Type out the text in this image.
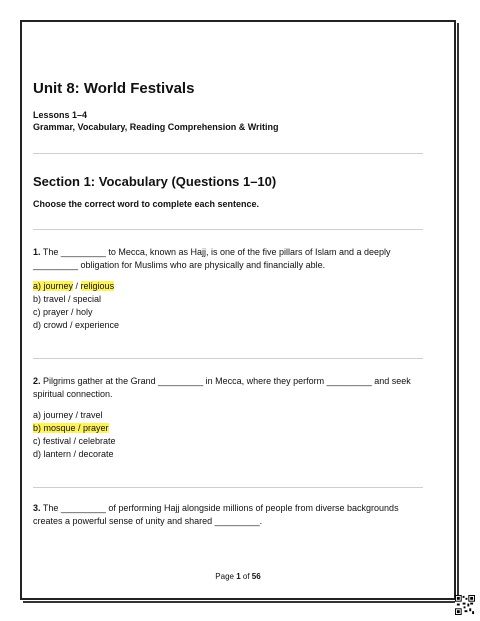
Unit 8: World Festivals

Lessons 1–4

Grammar, Vocabulary, Reading Comprehension & Writing

Section 1: Vocabulary (Questions 1–10)

Choose the correct word to complete each sentence.

1. The _________ to Mecca, known as Hajj, is one of the five pillars of Islam and a deeply _________ obligation for Muslims who are physically and financially able.

a) journey / religious
b) travel / special
c) prayer / holy
d) crowd / experience

2. Pilgrims gather at the Grand _________ in Mecca, where they perform _________ and seek spiritual connection.

a) journey / travel
b) mosque / prayer
c) festival / celebrate
d) lantern / decorate

3. The _________ of performing Hajj alongside millions of people from diverse backgrounds creates a powerful sense of unity and shared _________.

Page 1 of 56
